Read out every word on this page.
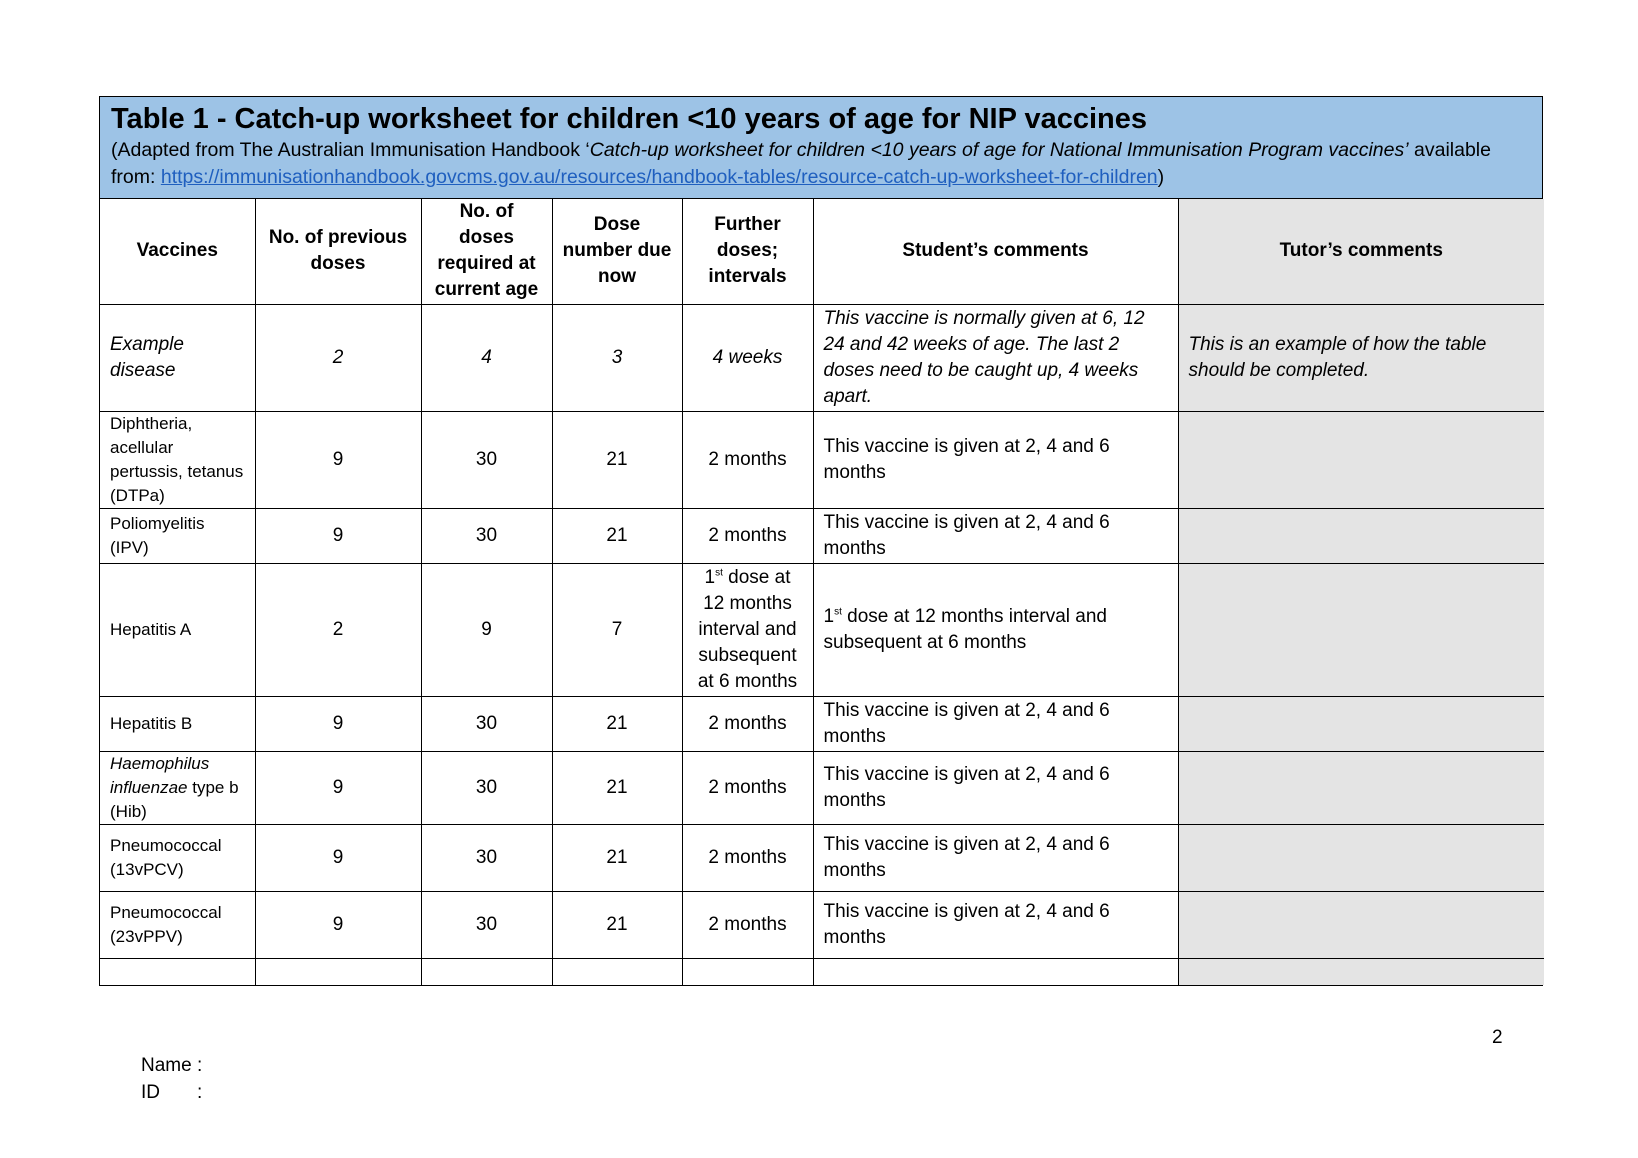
Table 1 - Catch-up worksheet for children <10 years of age for NIP vaccines

(Adapted from The Australian Immunisation Handbook ‘Catch-up worksheet for children <10 years of age for National Immunisation Program vaccines’ available from: https://immunisationhandbook.govcms.gov.au/resources/handbook-tables/resource-catch-up-worksheet-for-children)

Vaccines	No. of previous doses	No. of doses required at current age	Dose number due now	Further doses; intervals	Student’s comments	Tutor’s comments
Example disease	2	4	3	4 weeks	This vaccine is normally given at 6, 12 24 and 42 weeks of age. The last 2 doses need to be caught up, 4 weeks apart.	This is an example of how the table should be completed.
Diphtheria, acellular pertussis, tetanus (DTPa)	9	30	21	2 months	This vaccine is given at 2, 4 and 6 months	
Poliomyelitis (IPV)	9	30	21	2 months	This vaccine is given at 2, 4 and 6 months	
Hepatitis A	2	9	7	1st dose at 12 months interval and subsequent at 6 months	1st dose at 12 months interval and subsequent at 6 months	
Hepatitis B	9	30	21	2 months	This vaccine is given at 2, 4 and 6 months	
Haemophilus influenzae type b (Hib)	9	30	21	2 months	This vaccine is given at 2, 4 and 6 months	
Pneumococcal (13vPCV)	9	30	21	2 months	This vaccine is given at 2, 4 and 6 months	
Pneumococcal (23vPPV)	9	30	21	2 months	This vaccine is given at 2, 4 and 6 months	

2
Name :
ID       :
